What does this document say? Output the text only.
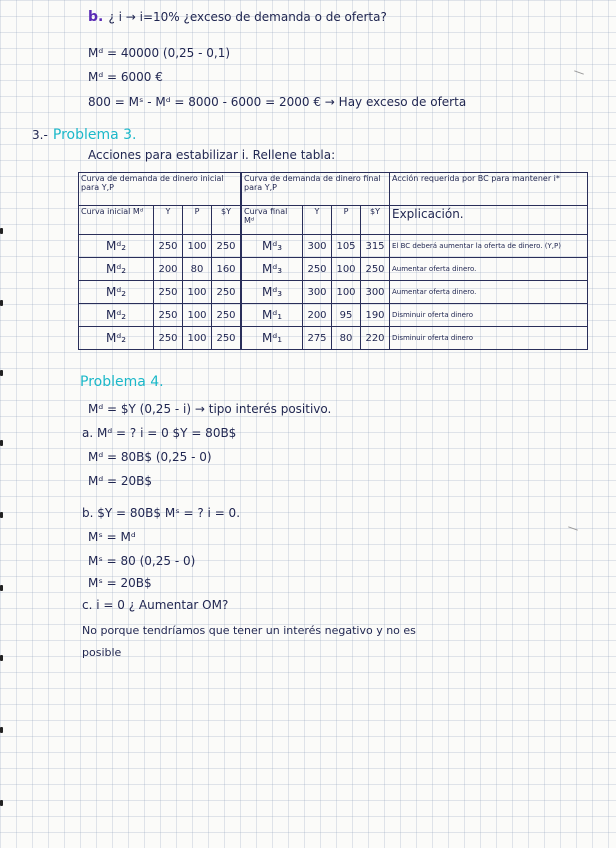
b. ¿ i → i=10% ¿exceso de demanda o de oferta?
Mᵈ = 40000 (0,25 - 0,1)
Mᵈ = 6000 €
800 = Mˢ - Mᵈ = 8000 - 6000 = 2000 € → Hay exceso de oferta
3.- Problema 3.
Acciones para estabilizar i. Rellene tabla:
Curva de demanda de dinero inicial para Y,P				Curva de demanda de dinero final para Y,P				Acción requerida por BC para mantener i*
Curva inicial Mᵈ	Y	P	$Y	Curva final Mᵈ	Y	P	$Y	Explicación.
Mᵈ₂	250	100	250	Mᵈ₃	300	105	315	El BC deberá aumentar la oferta de dinero. (Y,P)
Mᵈ₂	200	80	160	Mᵈ₃	250	100	250	Aumentar oferta dinero.
Mᵈ₂	250	100	250	Mᵈ₃	300	100	300	Aumentar oferta dinero.
Mᵈ₂	250	100	250	Mᵈ₁	200	95	190	Disminuir oferta dinero
Mᵈ₂	250	100	250	Mᵈ₁	275	80	220	Disminuir oferta dinero
Problema 4.
Mᵈ = $Y (0,25 - i) → tipo interés positivo.
a. Mᵈ = ? i = 0 $Y = 80B$
Mᵈ = 80B$ (0,25 - 0)
Mᵈ = 20B$
b. $Y = 80B$ Mˢ = ? i = 0.
Mˢ = Mᵈ
Mˢ = 80 (0,25 - 0)
Mˢ = 20B$
c. i = 0 ¿ Aumentar OM?
No porque tendríamos que tener un interés negativo y no es
posible
